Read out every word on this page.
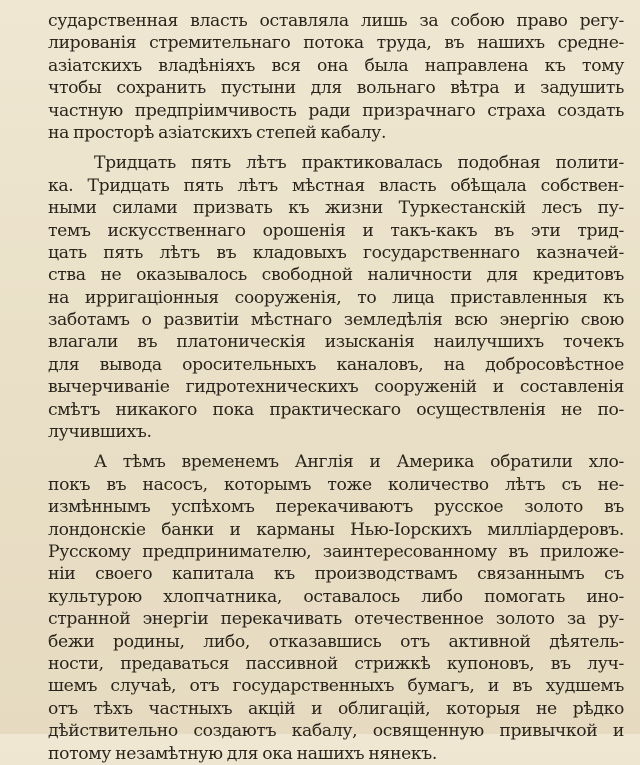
сударственная власть оставляла лишь за собою право регу-
лированія стремительнаго потока труда, въ нашихъ средне-
азіатскихъ владѣніяхъ вся она была направлена къ тому
чтобы сохранить пустыни для вольнаго вѣтра и задушить
частную предпріимчивость ради призрачнаго страха создать
на просторѣ азіатскихъ степей кабалу.
Тридцать пять лѣтъ практиковалась подобная полити-
ка. Тридцать пять лѣтъ мѣстная власть обѣщала собствен-
ными силами призвать къ жизни Туркестанскій лесъ пу-
темъ искусственнаго орошенія и такъ-какъ въ эти трид-
цать пять лѣтъ въ кладовыхъ государственнаго казначей-
ства не оказывалось свободной наличности для кредитовъ
на ирригаціонныя сооруженія, то лица приставленныя къ
заботамъ о развитіи мѣстнаго земледѣлія всю энергію свою
влагали въ платоническія изысканія наилучшихъ точекъ
для вывода оросительныхъ каналовъ, на добросовѣстное
вычерчиваніе гидротехническихъ сооруженій и составленія
смѣтъ никакого пока практическаго осуществленія не по-
лучившихъ.
А тѣмъ временемъ Англія и Америка обратили хло-
покъ въ насосъ, которымъ тоже количество лѣтъ съ не-
измѣннымъ успѣхомъ перекачиваютъ русское золото въ
лондонскіе банки и карманы Нью-Іорскихъ милліардеровъ.
Русскому предпринимателю, заинтересованному въ приложе-
ніи своего капитала къ производствамъ связаннымъ съ
культурою хлопчатника, оставалось либо помогать ино-
странной энергіи перекачивать отечественное золото за ру-
бежи родины, либо, отказавшись отъ активной дѣятель-
ности, предаваться пассивной стрижкѣ купоновъ, въ луч-
шемъ случаѣ, отъ государственныхъ бумагъ, и въ худшемъ
отъ тѣхъ частныхъ акцій и облигацій, которыя не рѣдко
дѣйствительно создаютъ кабалу, освященную привычкой и
потому незамѣтную для ока нашихъ нянекъ.
